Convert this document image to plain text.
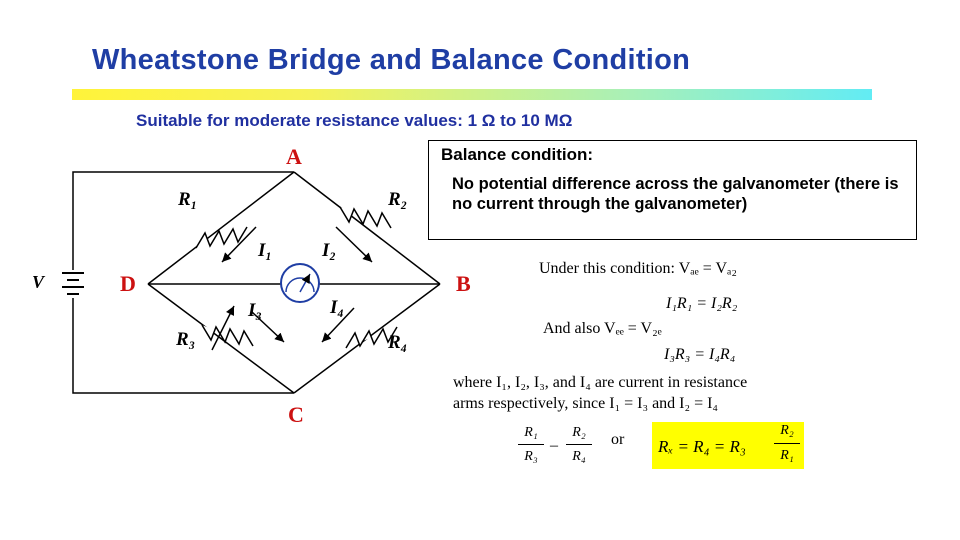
Wheatstone Bridge and Balance Condition
Suitable for moderate resistance values: 1 Ω to 10 MΩ
A
B
C
D
V
R₁	R₂
R₃	R₄
I₁	I₂
I₃	I₄
Balance condition:
No potential difference across the galvanometer (there is no current through the galvanometer)
Under this condition: Vₐₑ = Vₐ₂
I₁R₁ = I₂R₂
And also Vₑₑ = V₂ₑ
I₃R₃ = I₄R₄
where I₁, I₂, I₃, and I₄ are current in resistance
arms respectively, since I₁ = I₃ and I₂ = I₄
R₁
R₃
–
R₂
R₄
or Rₓ = R₄ = R₃
R₂
R₁
